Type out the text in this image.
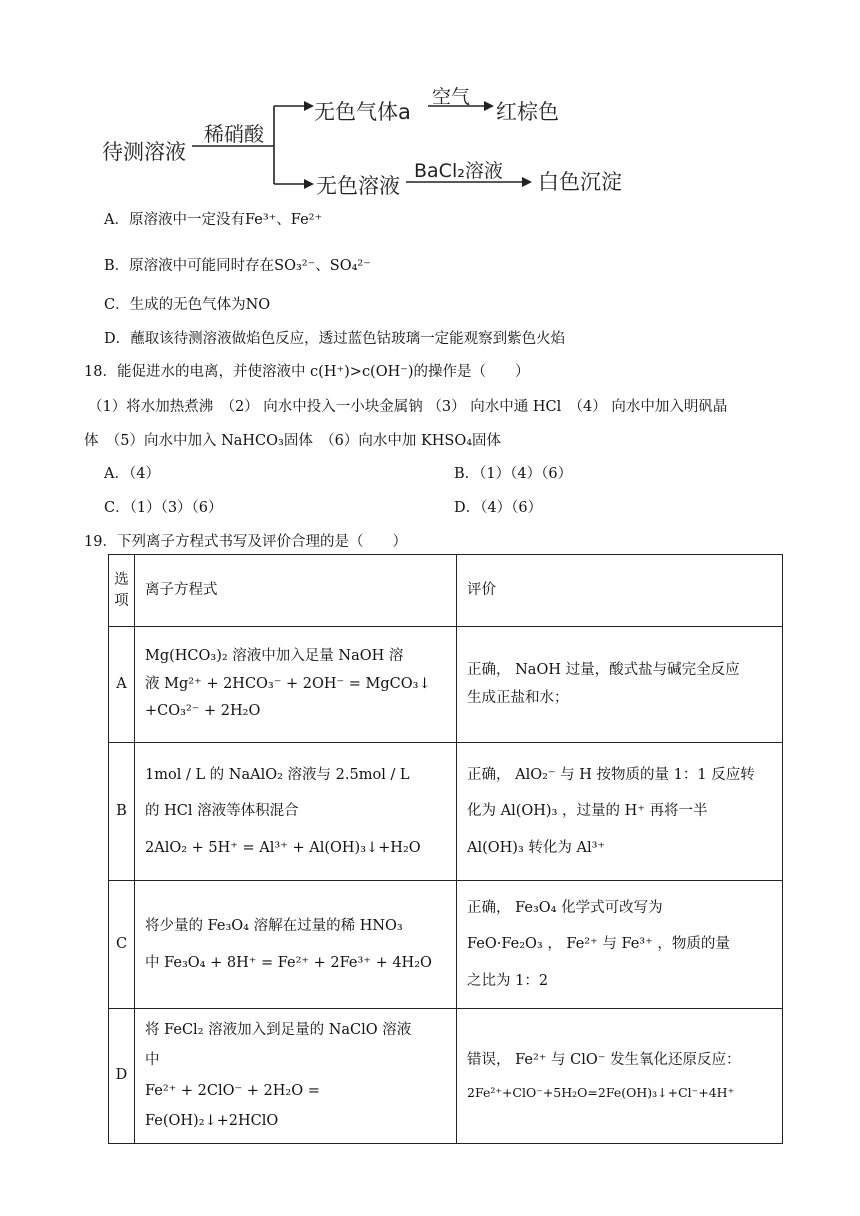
待测溶液
稀硝酸
无色气体a
空气
红棕色
无色溶液
BaCl₂溶液 白色沉淀
A．原溶液中一定没有Fe³⁺、Fe²⁺
B．原溶液中可能同时存在SO₃²⁻、SO₄²⁻
C．生成的无色气体为NO
D．蘸取该待测溶液做焰色反应，透过蓝色钴玻璃一定能观察到紫色火焰
18．能促进水的电离，并使溶液中 c(H⁺)>c(OH⁻)的操作是（　　）
（1）将水加热煮沸　（2） 向水中投入一小块金属钠 （3） 向水中通 HCl　（4） 向水中加入明矾晶
体　（5）向水中加入 NaHCO₃固体　（6）向水中加 KHSO₄固体
A．（4）	B．（1）（4）（6）
C．（1）（3）（6）	D．（4）（6）
19．下列离子方程式书写及评价合理的是（　　）
选项	离子方程式	评价
A	Mg(HCO₃)₂ 溶液中加入足量 NaOH 溶
液 Mg²⁺ + 2HCO₃⁻ + 2OH⁻ = MgCO₃↓
+CO₃²⁻ + 2H₂O	正确， NaOH 过量，酸式盐与碱完全反应
生成正盐和水；

B	1mol / L 的 NaAlO₂ 溶液与 2.5mol / L
的 HCl 溶液等体积混合
2AlO₂ + 5H⁺ = Al³⁺ + Al(OH)₃↓+H₂O	正确， AlO₂⁻ 与 H 按物质的量 1：1 反应转
化为 Al(OH)₃ ，过量的 H⁺ 再将一半
Al(OH)₃ 转化为 Al³⁺

C	将少量的 Fe₃O₄ 溶解在过量的稀 HNO₃
中 Fe₃O₄ + 8H⁺ = Fe²⁺ + 2Fe³⁺ + 4H₂O	正确， Fe₃O₄ 化学式可改写为
FeO·Fe₂O₃ ， Fe²⁺ 与 Fe³⁺ ，物质的量
之比为 1：2

D	将 FeCl₂ 溶液加入到足量的 NaClO 溶液
中
Fe²⁺ + 2ClO⁻ + 2H₂O = Fe(OH)₂↓+2HClO	错误， Fe²⁺ 与 ClO⁻ 发生氧化还原反应：
2Fe²⁺+ClO⁻+5H₂O=2Fe(OH)₃↓+Cl⁻+4H⁺
